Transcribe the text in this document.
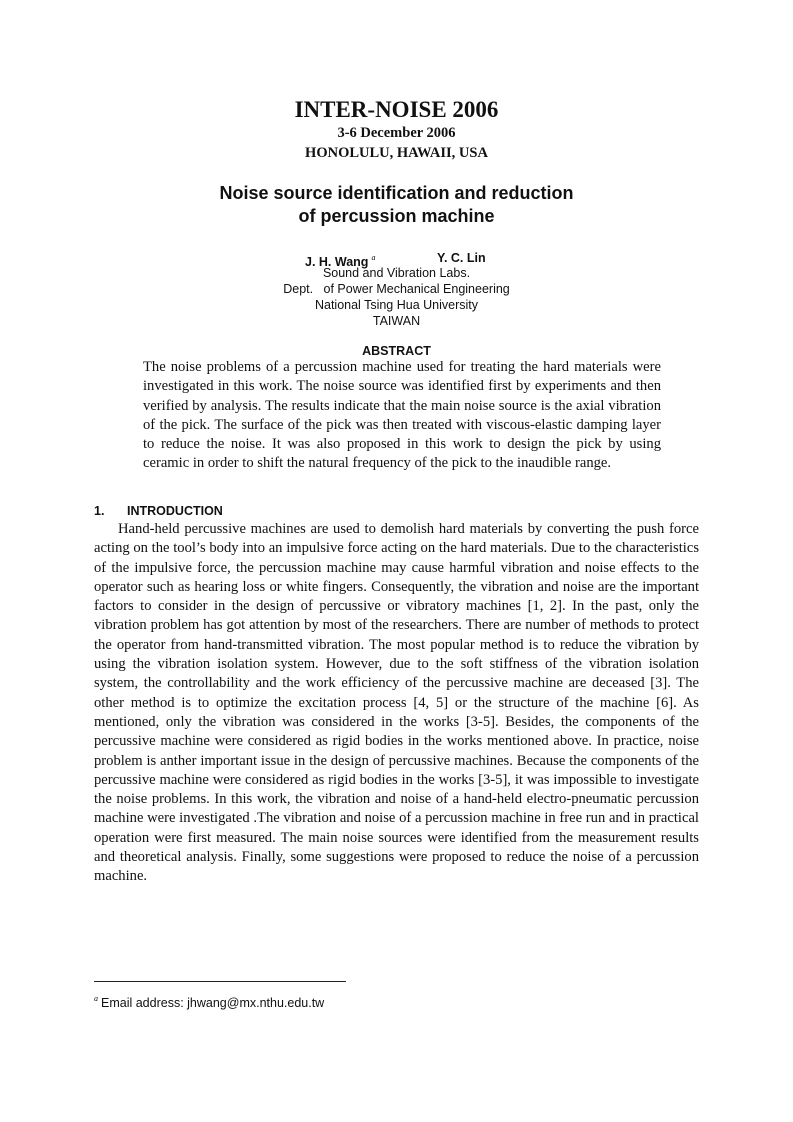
INTER-NOISE 2006
3-6 December 2006
HONOLULU, HAWAII, USA
Noise source identification and reduction
of percussion machine
J. H. Wang $^a$	Y. C. Lin
Sound and Vibration Labs.
Dept.   of Power Mechanical Engineering
National Tsing Hua University
TAIWAN
ABSTRACT
The noise problems of a percussion machine used for treating the hard materials were investigated in this work. The noise source was identified first by experiments and then verified by analysis. The results indicate that the main noise source is the axial vibration of the pick. The surface of the pick was then treated with viscous-elastic damping layer to reduce the noise. It was also proposed in this work to design the pick by using ceramic in order to shift the natural frequency of the pick to the inaudible range.
1. INTRODUCTION
Hand-held percussive machines are used to demolish hard materials by converting the push force acting on the tool’s body into an impulsive force acting on the hard materials. Due to the characteristics of the impulsive force, the percussion machine may cause harmful vibration and noise effects to the operator such as hearing loss or white fingers. Consequently, the vibration and noise are the important factors to consider in the design of percussive or vibratory machines [1, 2]. In the past, only the vibration problem has got attention by most of the researchers. There are number of methods to protect the operator from hand-transmitted vibration. The most popular method is to reduce the vibration by using the vibration isolation system. However, due to the soft stiffness of the vibration isolation system, the controllability and the work efficiency of the percussive machine are deceased [3]. The other method is to optimize the excitation process [4, 5] or the structure of the machine [6]. As mentioned, only the vibration was considered in the works [3-5]. Besides, the components of the percussive machine were considered as rigid bodies in the works mentioned above. In practice, noise problem is anther important issue in the design of percussive machines. Because the components of the percussive machine were considered as rigid bodies in the works [3-5], it was impossible to investigate the noise problems. In this work, the vibration and noise of a hand-held electro-pneumatic percussion machine were investigated .The vibration and noise of a percussion machine in free run and in practical operation were first measured. The main noise sources were identified from the measurement results and theoretical analysis. Finally, some suggestions were proposed to reduce the noise of a percussion machine.
$^a$ Email address: jhwang@mx.nthu.edu.tw
